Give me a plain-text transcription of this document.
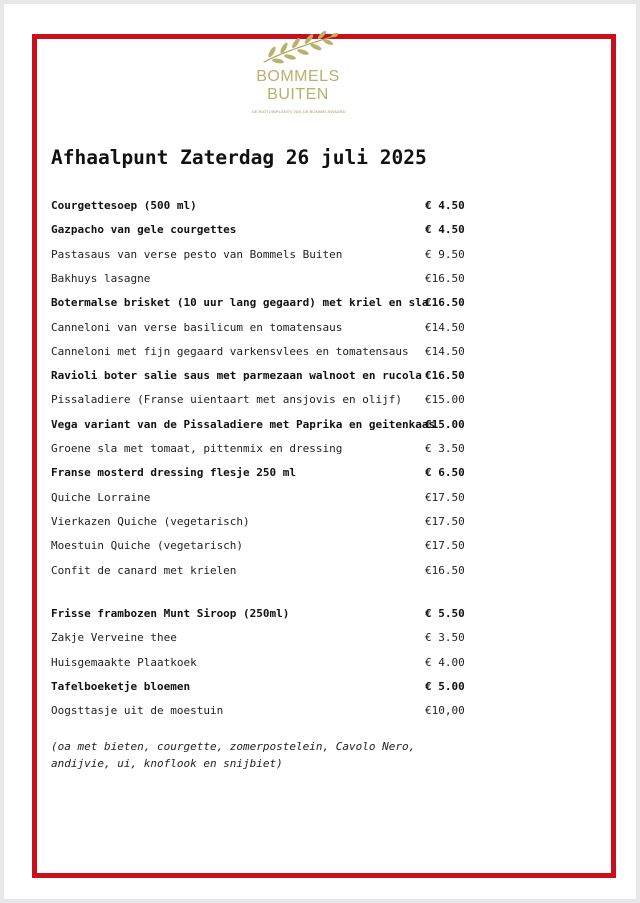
BOMMELS
BUITEN
DE BIOTUINPLANTS VAN DE BOMMELSWAARD
Afhaalpunt Zaterdag 26 juli 2025
Courgettesoep (500 ml)	€ 4.50
Gazpacho van gele courgettes	€ 4.50
Pastasaus van verse pesto van Bommels Buiten	€ 9.50
Bakhuys lasagne	€16.50
Botermalse brisket (10 uur lang gegaard) met kriel en sla
€16.50
Canneloni van verse basilicum en tomatensaus	€14.50
Canneloni met fijn gegaard varkensvlees en tomatensaus €14.50
Ravioli boter salie saus met parmezaan walnoot en rucola €16.50
Pissaladiere (Franse uientaart met ansjovis en olijf) €15.00
Vega variant van de Pissaladiere met Paprika en geitenkaas
€15.00
Groene sla met tomaat, pittenmix en dressing	€ 3.50
Franse mosterd dressing flesje 250 ml	€ 6.50
Quiche Lorraine	€17.50
Vierkazen Quiche (vegetarisch)	€17.50
Moestuin Quiche (vegetarisch)	€17.50
Confit de canard met krielen	€16.50
Frisse frambozen Munt Siroop (250ml)	€ 5.50
Zakje Verveine thee	€ 3.50
Huisgemaakte Plaatkoek	€ 4.00
Tafelboeketje bloemen	€ 5.00
Oogsttasje uit de moestuin	€10,00
(oa met bieten, courgette, zomerpostelein, Cavolo Nero, andijvie, ui, knoflook en snijbiet)
